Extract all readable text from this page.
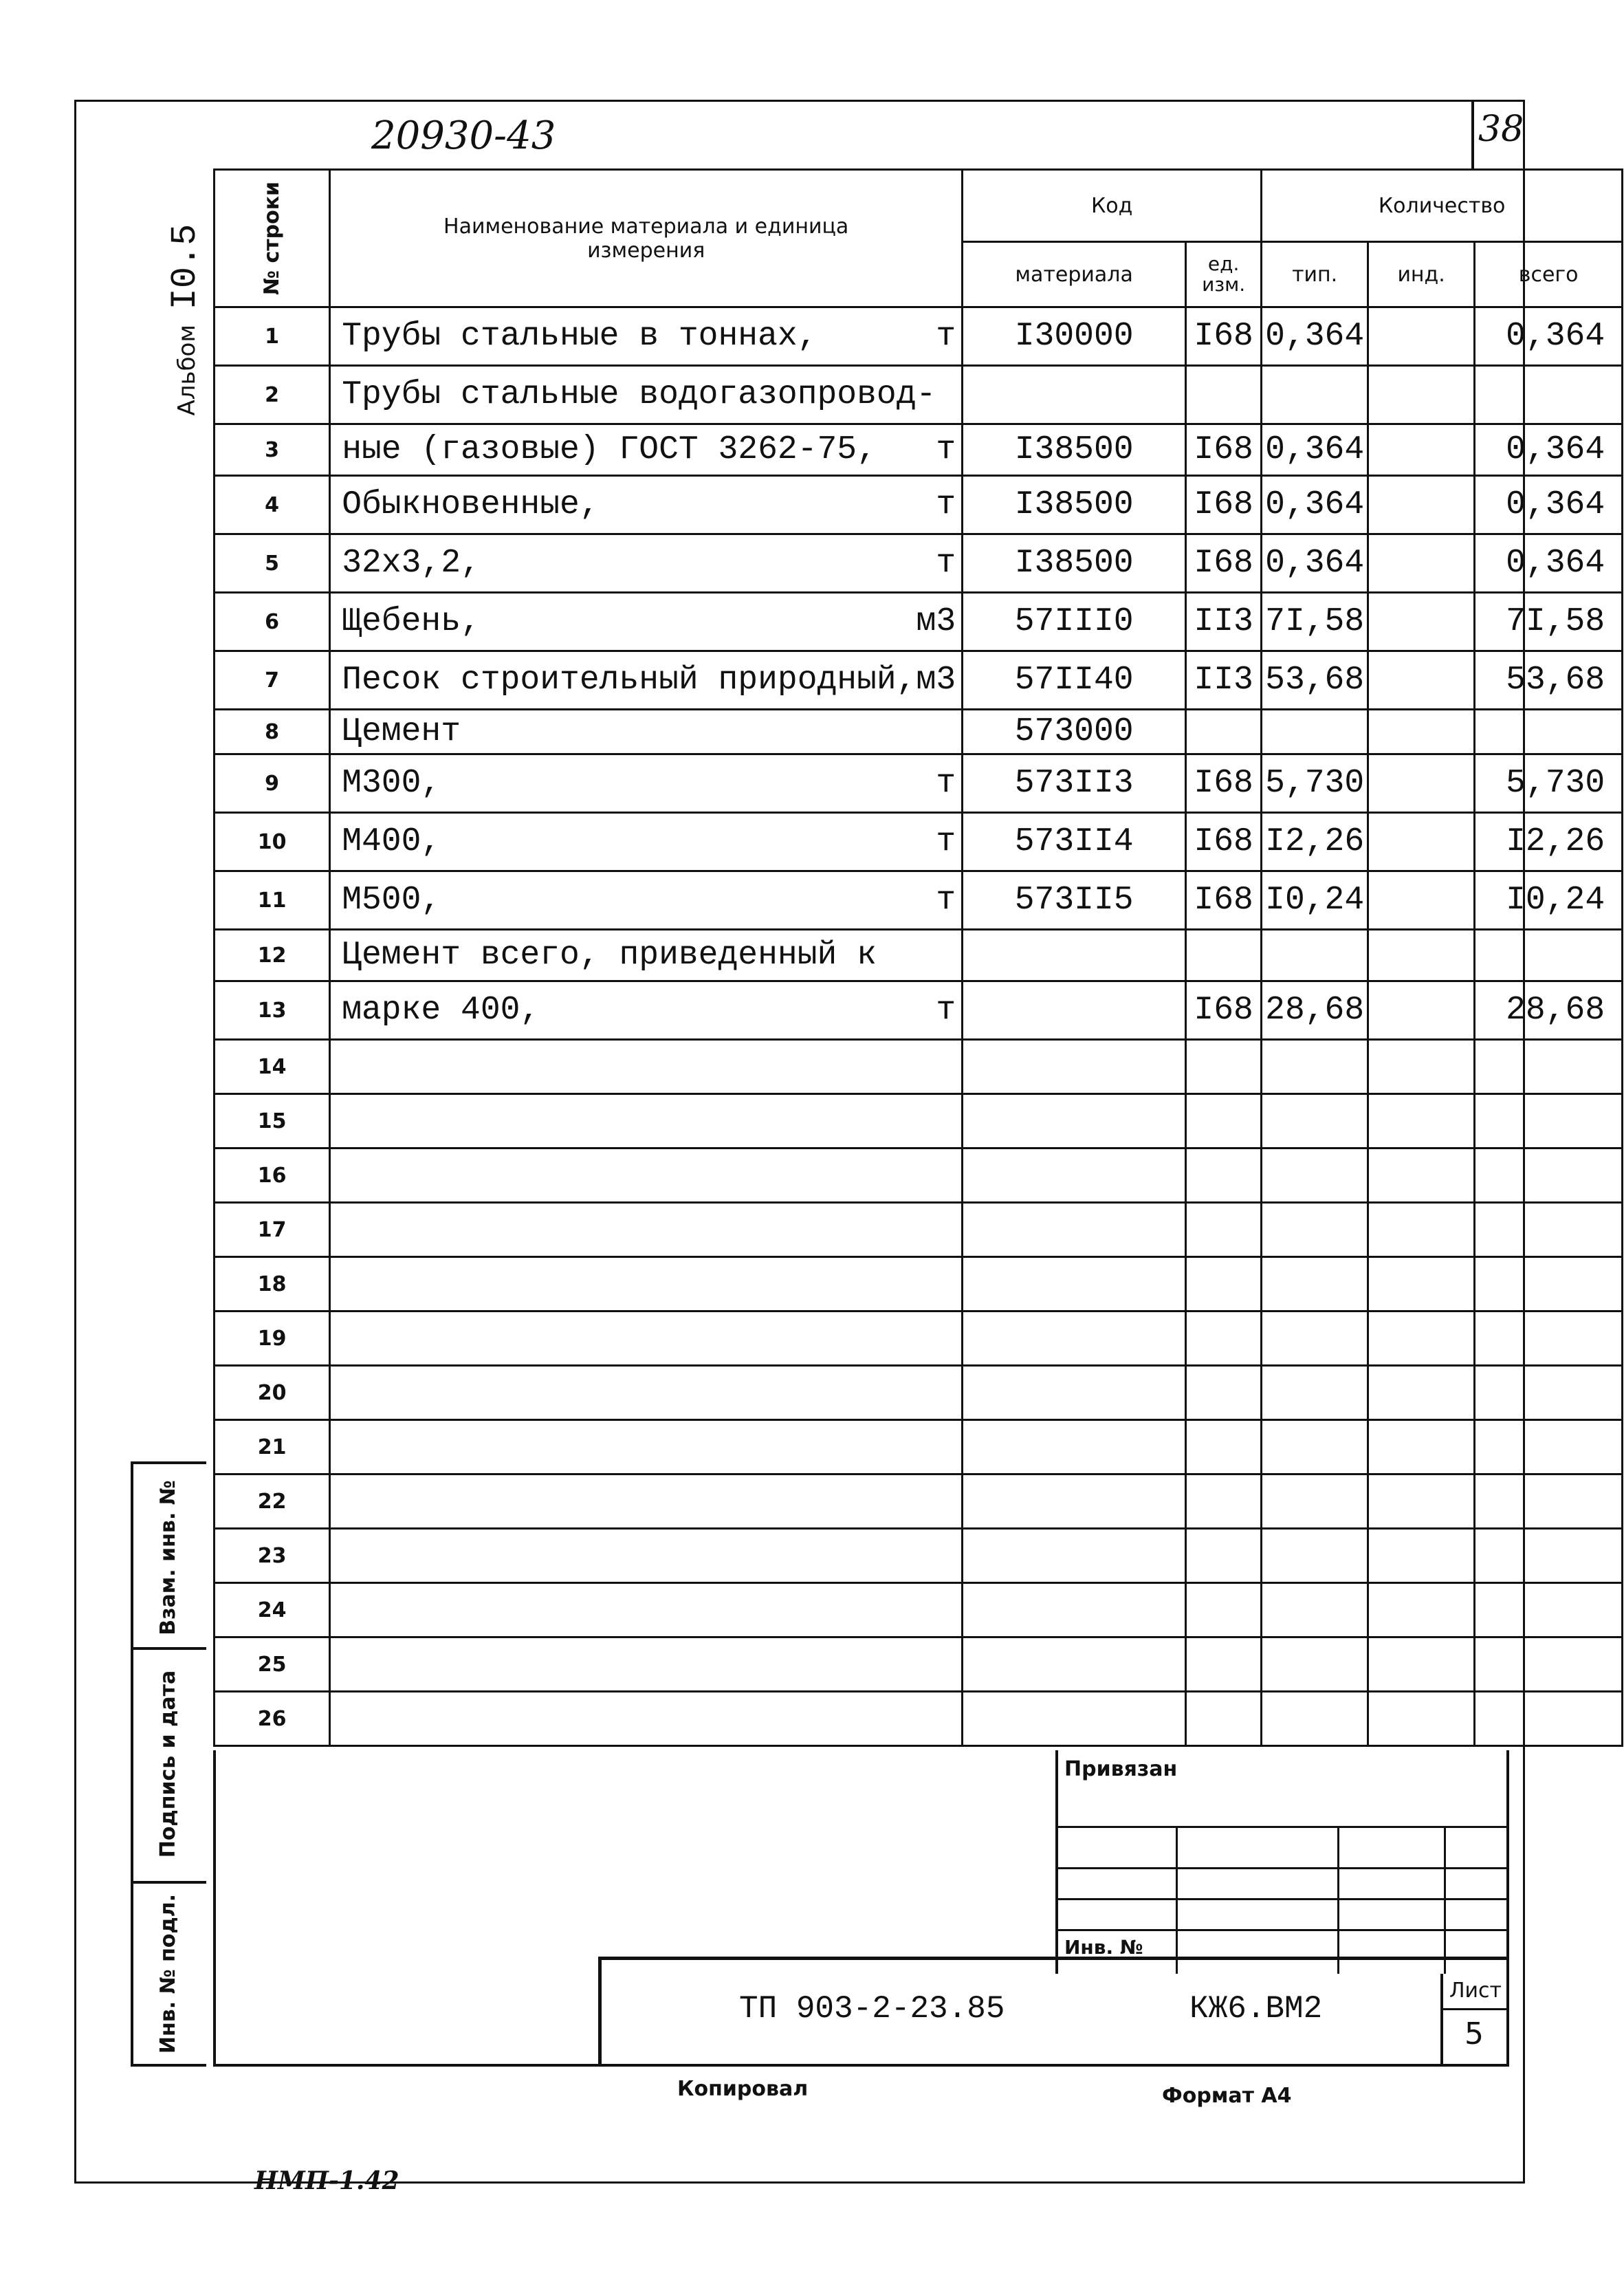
38
20930-43
Альбом  I0.5	№ строки	Наименование материала и единица измерения	Код		Количество		
		материала	ед. изм.	тип.	инд.	всего
1	Трубы стальные в тоннах, т	I30000	I68	0,364		0,364
2	Трубы стальные водогазопровод-					

3	ные (газовые) ГОСТ 3262-75, т	I38500	I68	0,364		0,364
4	Обыкновенные, т	I38500	I68	0,364		0,364
5	32x3,2, т	I38500	I68	0,364		0,364
6	Щебень, м3	57III0	II3	7I,58		7I,58
7	Песок строительный природный, м3	57II40	II3	53,68		53,68
8	Цемент	573000				
9	М300, т	573II3	I68	5,730		5,730
10	М400, т	573II4	I68	I2,26		I2,26
11	М500, т	573II5	I68	I0,24		I0,24
12	Цемент всего, приведенный к					

13	марке 400, т		I68	28,68		28,68
14	

15	

16	

17	

18	

19	

20	

21	

22	

23	

24	

25	

26	

Взам. инв. №
Подпись и дата
Инв. № подл.
Привязан
Инв. №
ТП 903-2-23.85	КЖ6.ВМ2
Лист
5
Копировал	Формат А4
НМП-1.42
